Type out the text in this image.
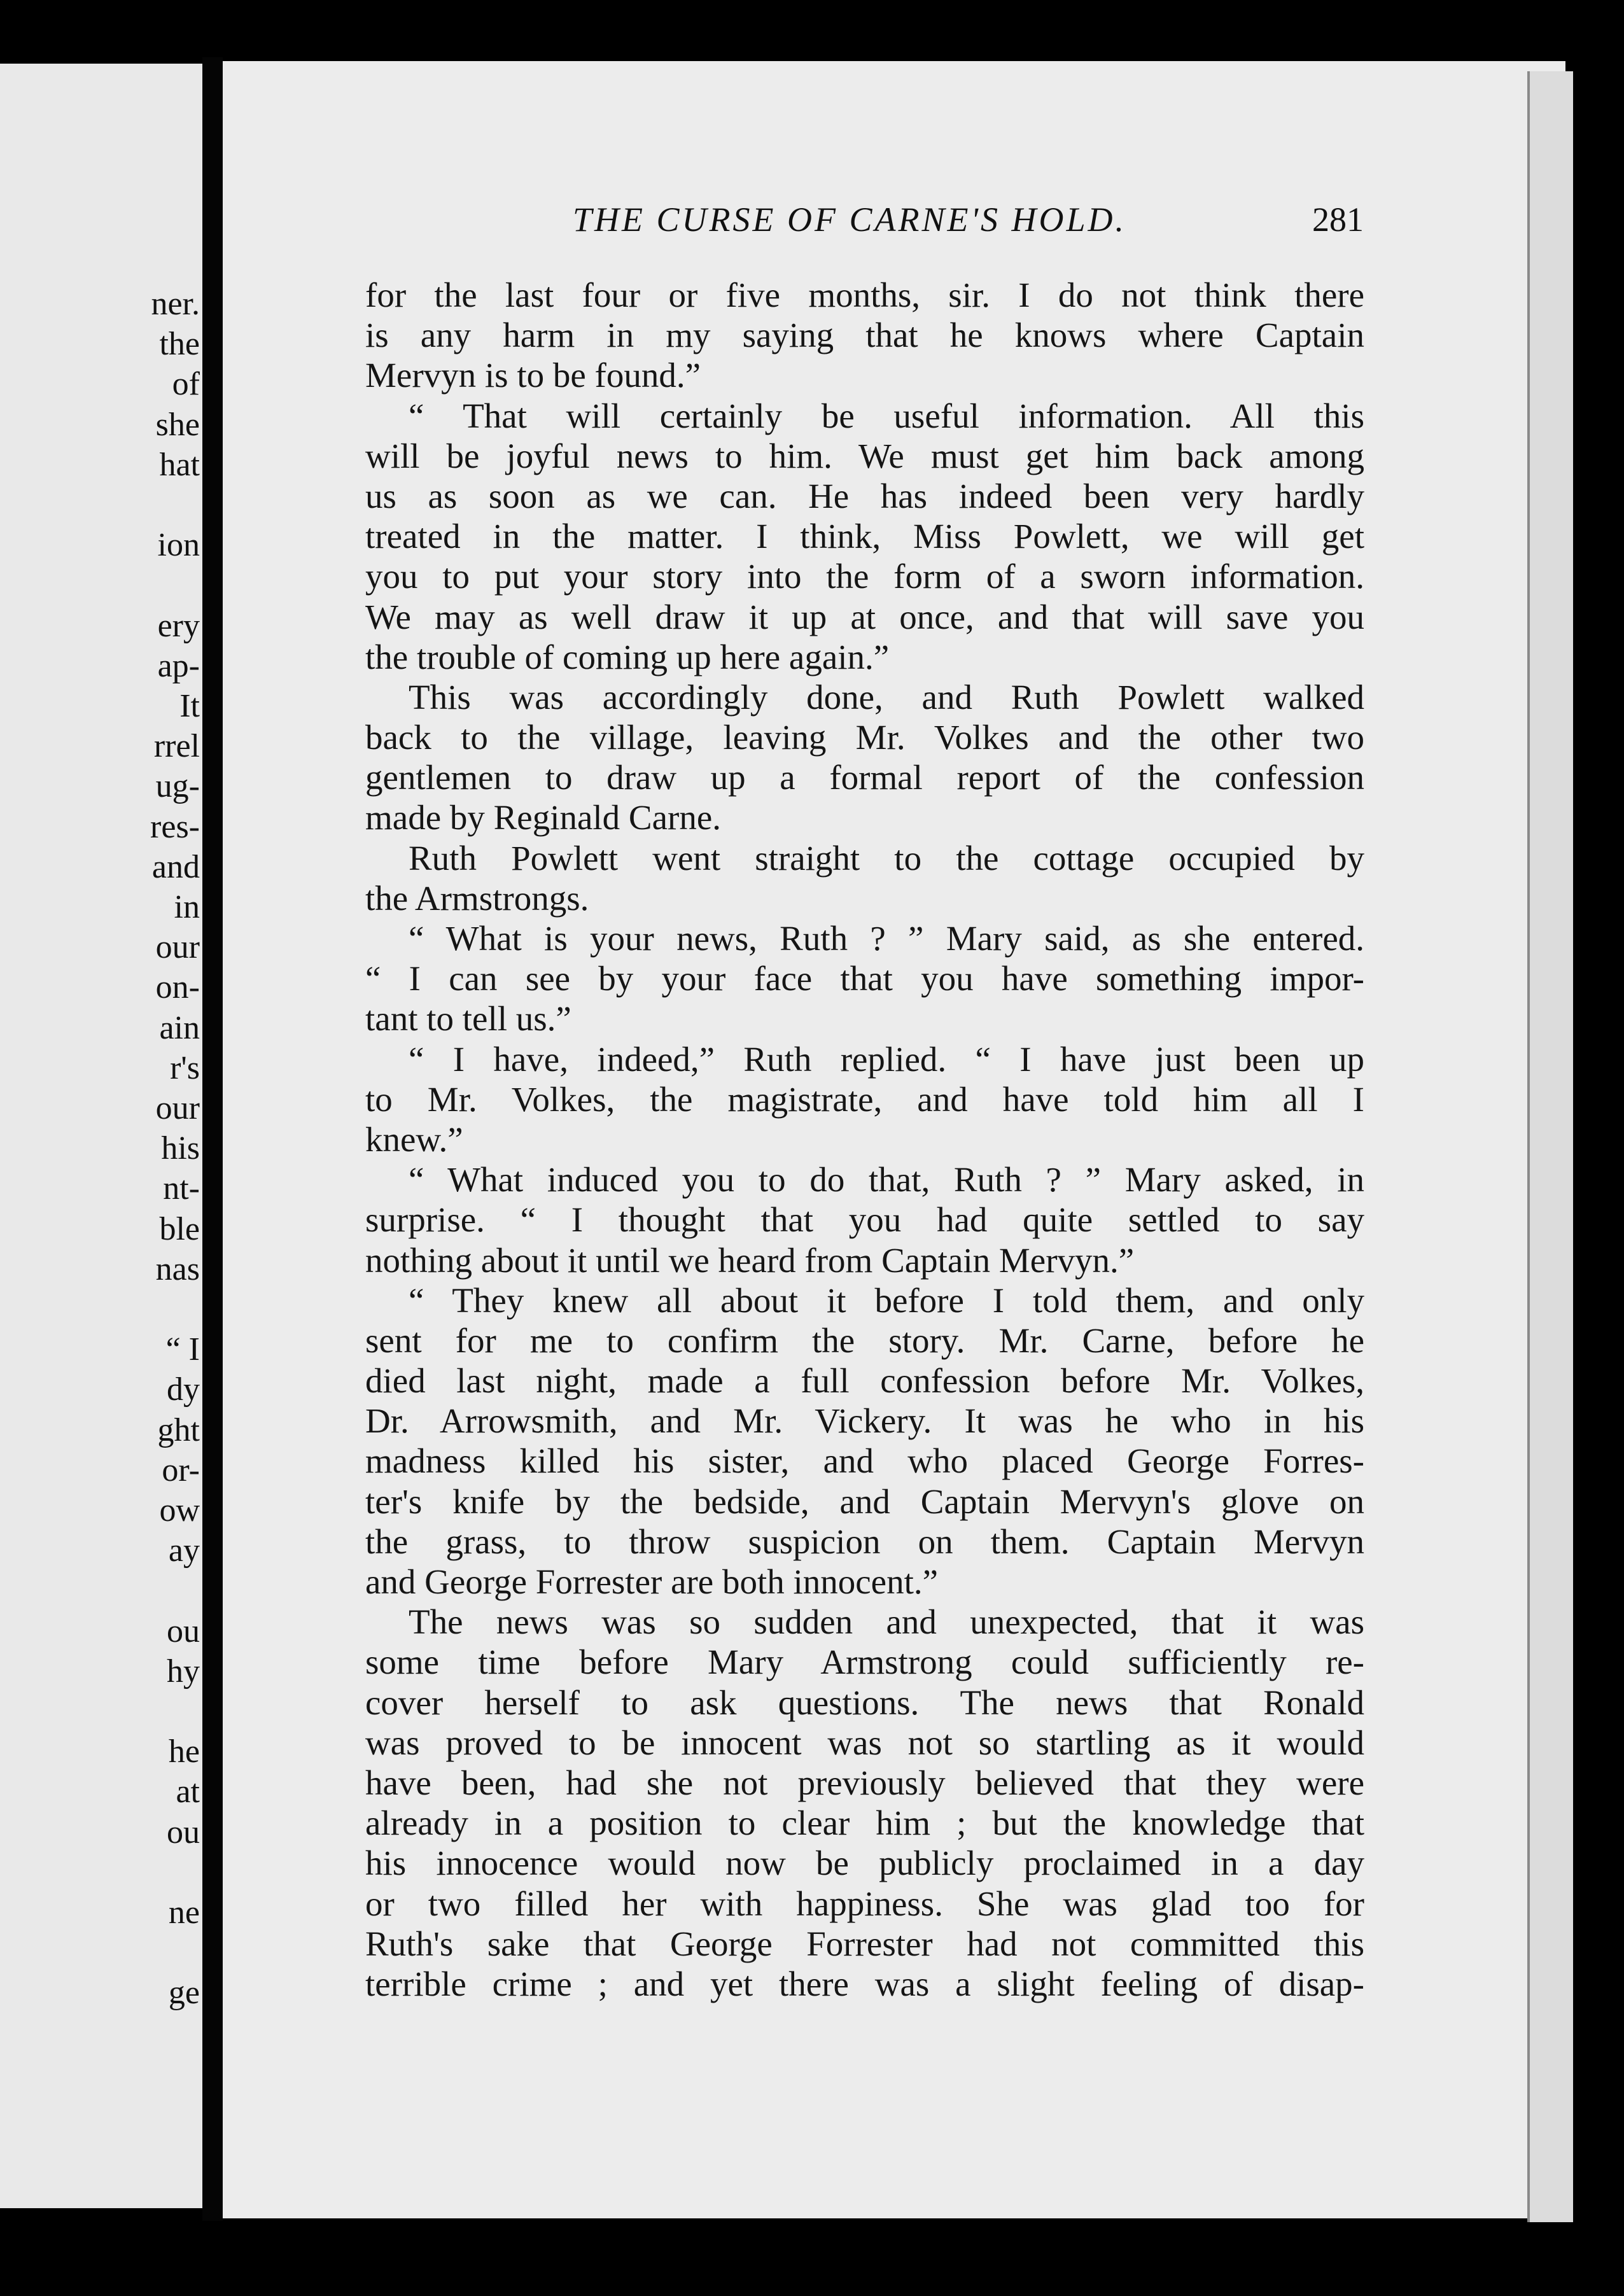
ner.
the
of
she
hat
ion
ery
ap-
It
rrel
ug-
res-
and
in
our
on-
ain
r's
our
his
nt-
ble
nas
“ I
dy
ght
or-
ow
ay
ou
hy
he
at
ou
ne
ge
THE CURSE OF CARNE'S HOLD.	281
for the last four or five months, sir. I do not think there
is any harm in my saying that he knows where Captain
Mervyn is to be found.”
“ That will certainly be useful information. All this
will be joyful news to him. We must get him back among
us as soon as we can. He has indeed been very hardly
treated in the matter. I think, Miss Powlett, we will get
you to put your story into the form of a sworn information.
We may as well draw it up at once, and that will save you
the trouble of coming up here again.”
This was accordingly done, and Ruth Powlett walked
back to the village, leaving Mr. Volkes and the other two
gentlemen to draw up a formal report of the confession
made by Reginald Carne.
Ruth Powlett went straight to the cottage occupied by
the Armstrongs.
“ What is your news, Ruth ? ” Mary said, as she entered.
“ I can see by your face that you have something impor-
tant to tell us.”
“ I have, indeed,” Ruth replied. “ I have just been up
to Mr. Volkes, the magistrate, and have told him all I
knew.”
“ What induced you to do that, Ruth ? ” Mary asked, in
surprise. “ I thought that you had quite settled to say
nothing about it until we heard from Captain Mervyn.”
“ They knew all about it before I told them, and only
sent for me to confirm the story. Mr. Carne, before he
died last night, made a full confession before Mr. Volkes,
Dr. Arrowsmith, and Mr. Vickery. It was he who in his
madness killed his sister, and who placed George Forres-
ter's knife by the bedside, and Captain Mervyn's glove on
the grass, to throw suspicion on them. Captain Mervyn
and George Forrester are both innocent.”
The news was so sudden and unexpected, that it was
some time before Mary Armstrong could sufficiently re-
cover herself to ask questions. The news that Ronald
was proved to be innocent was not so startling as it would
have been, had she not previously believed that they were
already in a position to clear him ; but the knowledge that
his innocence would now be publicly proclaimed in a day
or two filled her with happiness. She was glad too for
Ruth's sake that George Forrester had not committed this
terrible crime ; and yet there was a slight feeling of disap-
